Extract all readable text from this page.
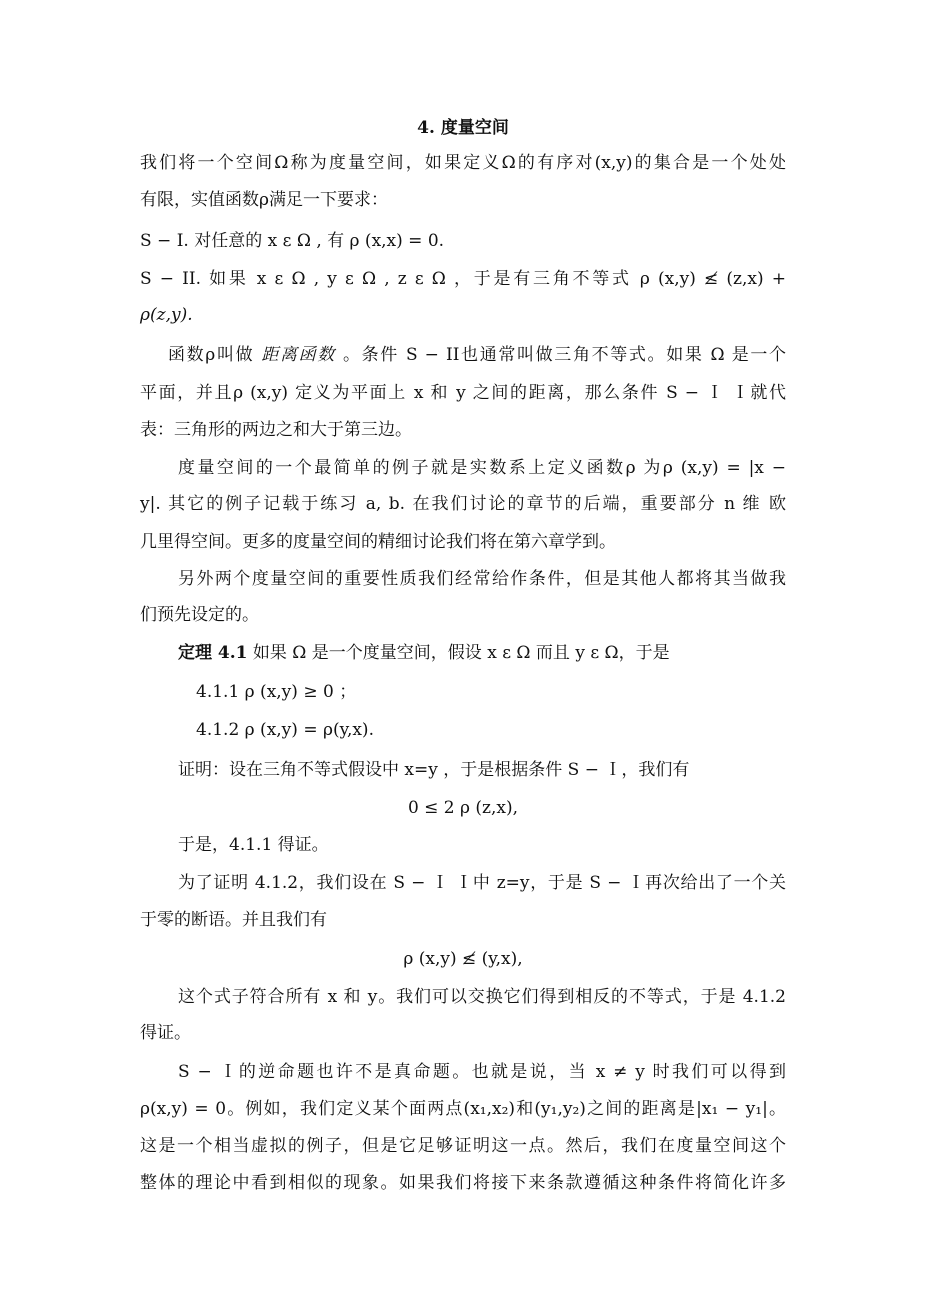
4. 度量空间
我们将一个空间Ω称为度量空间，如果定义Ω的有序对(x,y)的集合是一个处处
有限，实值函数ρ满足一下要求：
S − I. 对任意的 x ε Ω , 有 ρ (x,x) = 0.
S − II. 如果 x ε Ω , y ε Ω , z ε Ω ，于是有三角不等式 ρ (x,y) ≰ (z,x) +
ρ(z,y).
函数ρ叫做 距离函数 。条件 S − II也通常叫做三角不等式。如果 Ω 是一个
平面，并且ρ (x,y) 定义为平面上 x 和 y 之间的距离，那么条件 S − Ｉ Ｉ就代
表：三角形的两边之和大于第三边。
度量空间的一个最简单的例子就是实数系上定义函数ρ 为ρ (x,y) = |x −
y|. 其它的例子记载于练习 a, b. 在我们讨论的章节的后端，重要部分 n 维 欧
几里得空间。更多的度量空间的精细讨论我们将在第六章学到。
另外两个度量空间的重要性质我们经常给作条件，但是其他人都将其当做我
们预先设定的。
定理 4.1 如果 Ω 是一个度量空间，假设 x ε Ω 而且 y ε Ω，于是
4.1.1 ρ (x,y) ≥ 0 ；
4.1.2 ρ (x,y) = ρ(y,x).
证明：设在三角不等式假设中 x=y ，于是根据条件 S − Ｉ，我们有
0 ≤ 2 ρ (z,x),
于是，4.1.1 得证。
为了证明 4.1.2，我们设在 S − Ｉ Ｉ中 z=y，于是 S − Ｉ再次给出了一个关
于零的断语。并且我们有
ρ (x,y) ≰ (y,x),
这个式子符合所有 x 和 y。我们可以交换它们得到相反的不等式，于是 4.1.2
得证。
S − Ｉ的逆命题也许不是真命题。也就是说，当 x ≠ y 时我们可以得到
ρ(x,y) = 0。例如，我们定义某个面两点(x₁,x₂)和(y₁,y₂)之间的距离是|x₁ − y₁|。
这是一个相当虚拟的例子，但是它足够证明这一点。然后，我们在度量空间这个
整体的理论中看到相似的现象。如果我们将接下来条款遵循这种条件将简化许多
